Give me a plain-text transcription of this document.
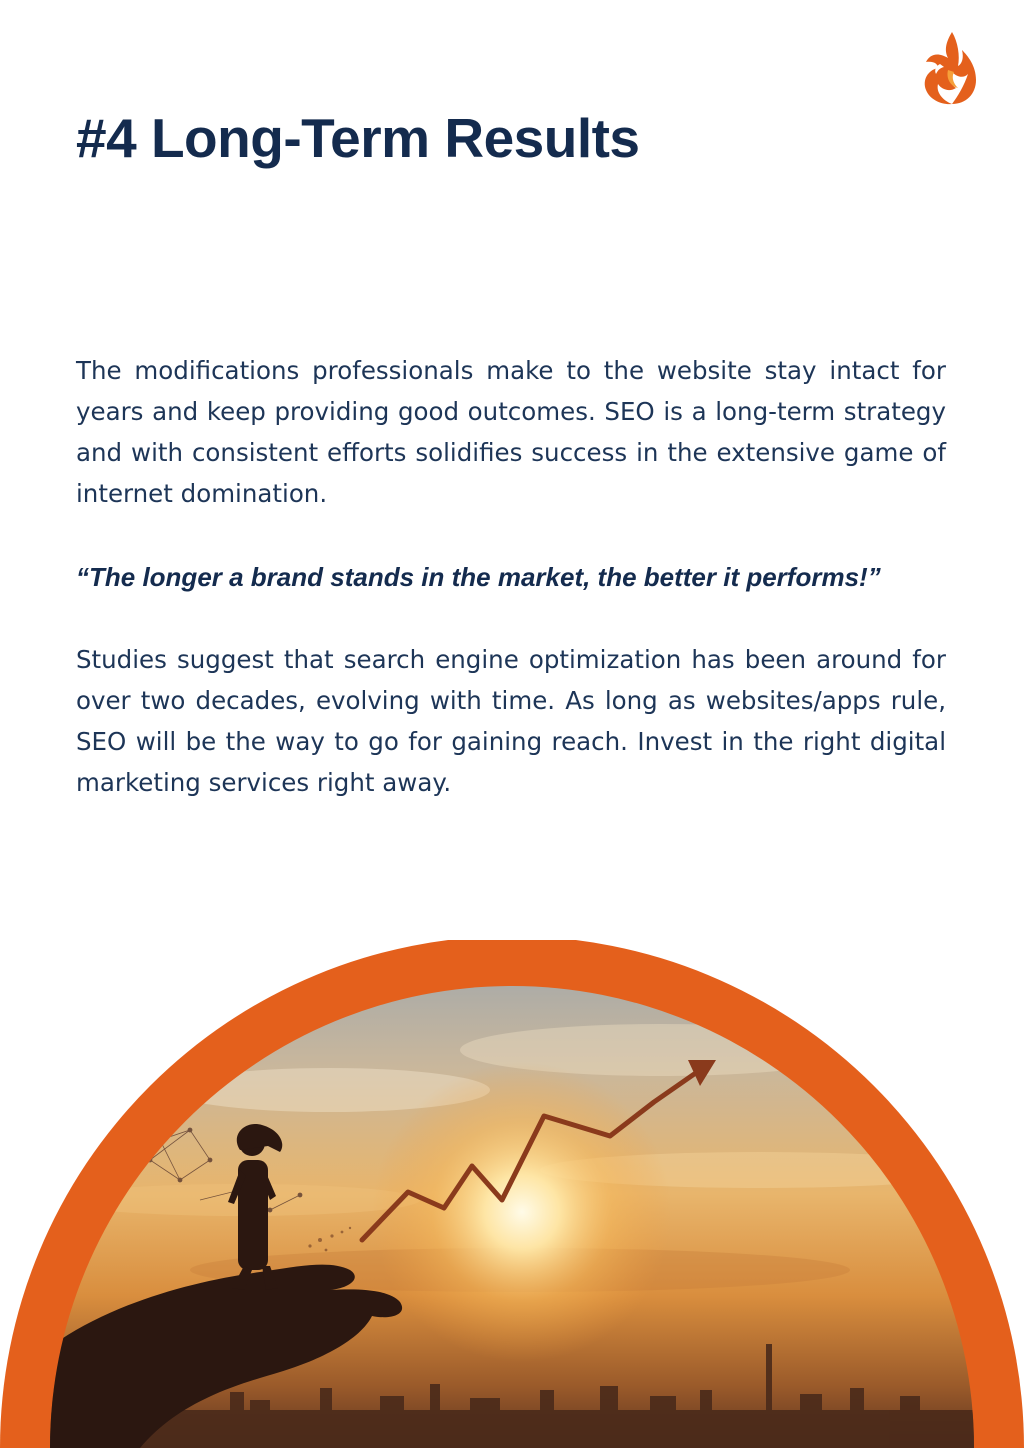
#4 Long-Term Results

The modifications professionals make to the website stay intact for years and keep providing good outcomes. SEO is a long-term strategy and with consistent efforts solidifies success in the extensive game of internet domination.

“The longer a brand stands in the market, the better it performs!”

Studies suggest that search engine optimization has been around for over two decades, evolving with time. As long as websites/apps rule, SEO will be the way to go for gaining reach. Invest in the right digital marketing services right away.
